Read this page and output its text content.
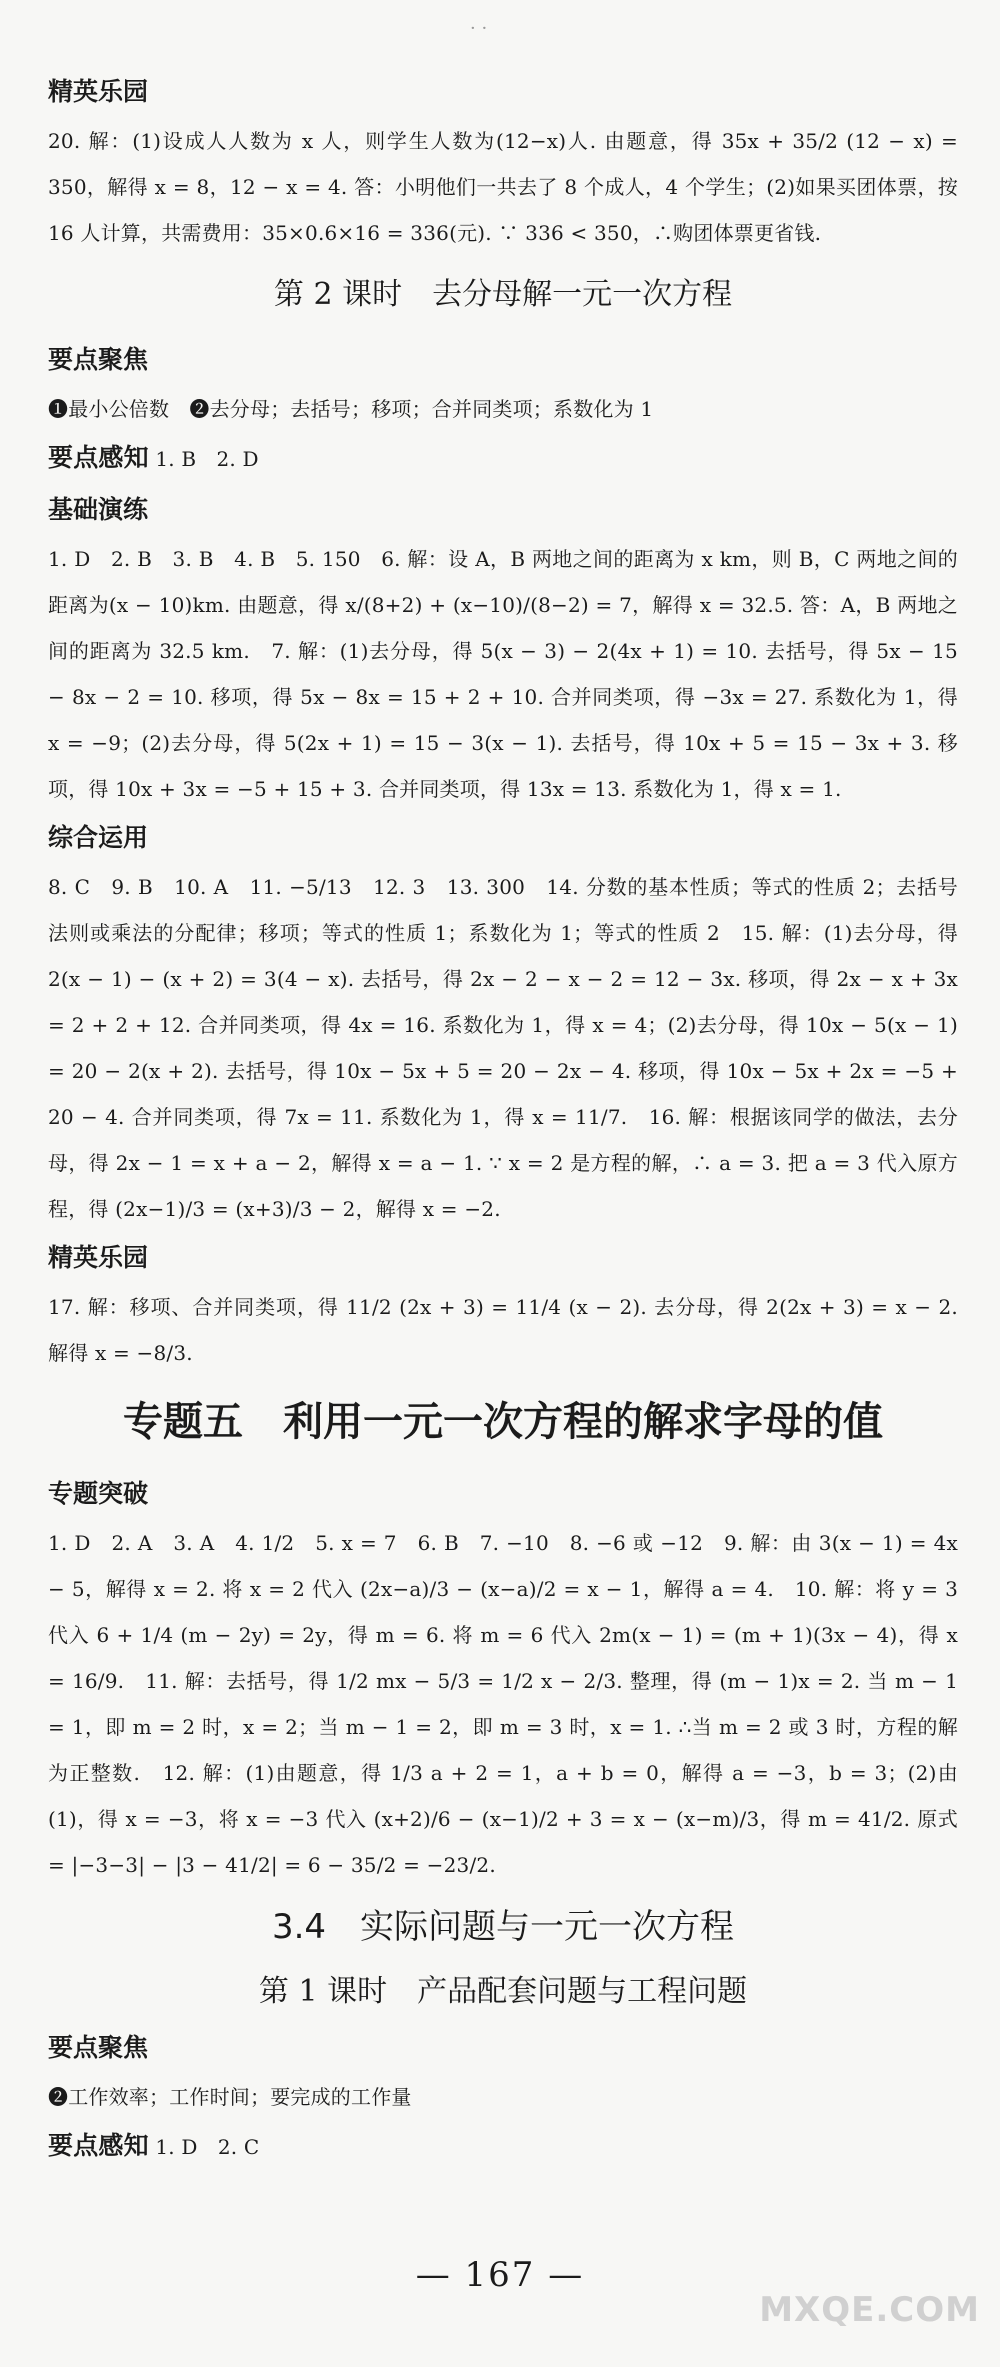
· ·
精英乐园

20. 解：(1)设成人人数为 x 人，则学生人数为(12−x)人. 由题意，得 35x + 35/2 (12 − x) = 350，解得 x = 8，12 − x = 4. 答：小明他们一共去了 8 个成人，4 个学生；(2)如果买团体票，按 16 人计算，共需费用：35×0.6×16 = 336(元). ∵ 336 < 350，∴购团体票更省钱.

第 2 课时　去分母解一元一次方程
要点聚焦

❶最小公倍数　❷去分母；去括号；移项；合并同类项；系数化为 1

要点感知 1. B　2. D

基础演练

1. D　2. B　3. B　4. B　5. 150　6. 解：设 A，B 两地之间的距离为 x km，则 B，C 两地之间的距离为(x − 10)km. 由题意，得 x/(8+2) + (x−10)/(8−2) = 7，解得 x = 32.5. 答：A，B 两地之间的距离为 32.5 km.　7. 解：(1)去分母，得 5(x − 3) − 2(4x + 1) = 10. 去括号，得 5x − 15 − 8x − 2 = 10. 移项，得 5x − 8x = 15 + 2 + 10. 合并同类项，得 −3x = 27. 系数化为 1，得 x = −9；(2)去分母，得 5(2x + 1) = 15 − 3(x − 1). 去括号，得 10x + 5 = 15 − 3x + 3. 移项，得 10x + 3x = −5 + 15 + 3. 合并同类项，得 13x = 13. 系数化为 1，得 x = 1.

综合运用

8. C　9. B　10. A　11. −5/13　12. 3　13. 300　14. 分数的基本性质；等式的性质 2；去括号法则或乘法的分配律；移项；等式的性质 1；系数化为 1；等式的性质 2　15. 解：(1)去分母，得 2(x − 1) − (x + 2) = 3(4 − x). 去括号，得 2x − 2 − x − 2 = 12 − 3x. 移项，得 2x − x + 3x = 2 + 2 + 12. 合并同类项，得 4x = 16. 系数化为 1，得 x = 4；(2)去分母，得 10x − 5(x − 1) = 20 − 2(x + 2). 去括号，得 10x − 5x + 5 = 20 − 2x − 4. 移项，得 10x − 5x + 2x = −5 + 20 − 4. 合并同类项，得 7x = 11. 系数化为 1，得 x = 11/7.　16. 解：根据该同学的做法，去分母，得 2x − 1 = x + a − 2，解得 x = a − 1. ∵ x = 2 是方程的解，∴ a = 3. 把 a = 3 代入原方程，得 (2x−1)/3 = (x+3)/3 − 2，解得 x = −2.

精英乐园

17. 解：移项、合并同类项，得 11/2 (2x + 3) = 11/4 (x − 2). 去分母，得 2(2x + 3) = x − 2. 解得 x = −8/3.

专题五　利用一元一次方程的解求字母的值
专题突破

1. D　2. A　3. A　4. 1/2　5. x = 7　6. B　7. −10　8. −6 或 −12　9. 解：由 3(x − 1) = 4x − 5，解得 x = 2. 将 x = 2 代入 (2x−a)/3 − (x−a)/2 = x − 1，解得 a = 4.　10. 解：将 y = 3 代入 6 + 1/4 (m − 2y) = 2y，得 m = 6. 将 m = 6 代入 2m(x − 1) = (m + 1)(3x − 4)，得 x = 16/9.　11. 解：去括号，得 1/2 mx − 5/3 = 1/2 x − 2/3. 整理，得 (m − 1)x = 2. 当 m − 1 = 1，即 m = 2 时，x = 2；当 m − 1 = 2，即 m = 3 时，x = 1. ∴当 m = 2 或 3 时，方程的解为正整数.　12. 解：(1)由题意，得 1/3 a + 2 = 1，a + b = 0，解得 a = −3，b = 3；(2)由(1)，得 x = −3，将 x = −3 代入 (x+2)/6 − (x−1)/2 + 3 = x − (x−m)/3，得 m = 41/2. 原式 = |−3−3| − |3 − 41/2| = 6 − 35/2 = −23/2.

3.4　实际问题与一元一次方程
第 1 课时　产品配套问题与工程问题
要点聚焦

❷工作效率；工作时间；要完成的工作量

要点感知 1. D　2. C

— 167 —
MXQE.COM
